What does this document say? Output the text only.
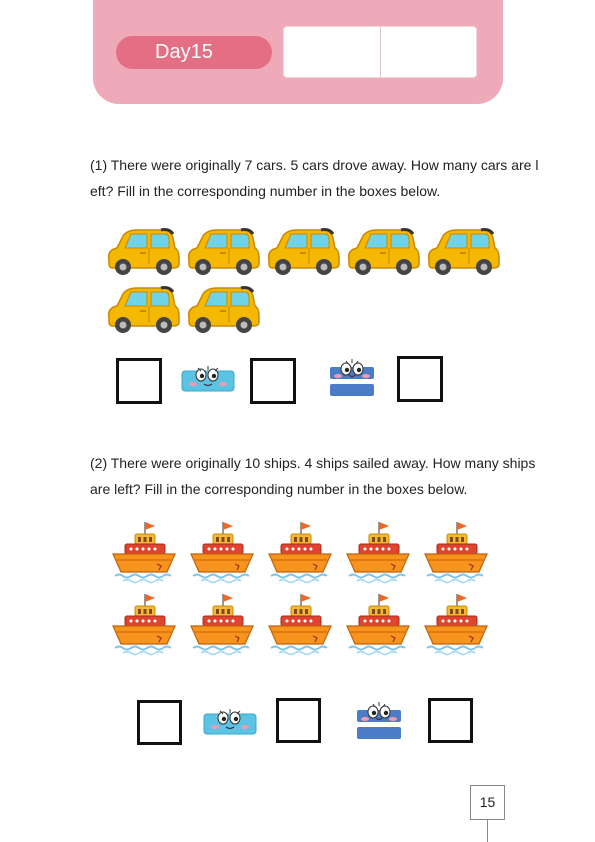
Day15
(1) There were originally 7 cars. 5 cars drove away. How many cars are l
eft? Fill in the corresponding number in the boxes below.
(2) There were originally 10 ships. 4 ships sailed away. How many ships
are left? Fill in the corresponding number in the boxes below.
15
